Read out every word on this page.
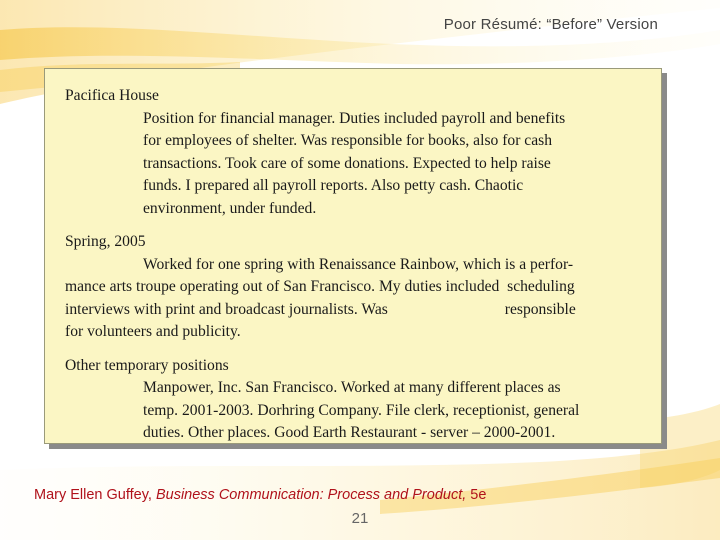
Poor Résumé: “Before” Version

Pacifica House

Position for financial manager. Duties included payroll and benefits

for employees of shelter. Was responsible for books, also for cash

transactions. Took care of some donations. Expected to help raise

funds. I prepared all payroll reports. Also petty cash. Chaotic

environment, under funded.

Spring, 2005

Worked for one spring with Renaissance Rainbow, which is a perfor-

mance arts troupe operating out of San Francisco. My duties included  scheduling

interviews with print and broadcast journalists. Was                              responsible

for volunteers and publicity.

Other temporary positions

Manpower, Inc. San Francisco. Worked at many different places as

temp. 2001-2003. Dorhring Company. File clerk, receptionist, general

duties. Other places. Good Earth Restaurant - server – 2000-2001.

Mary Ellen Guffey, Business Communication: Process and Product, 5e
21
